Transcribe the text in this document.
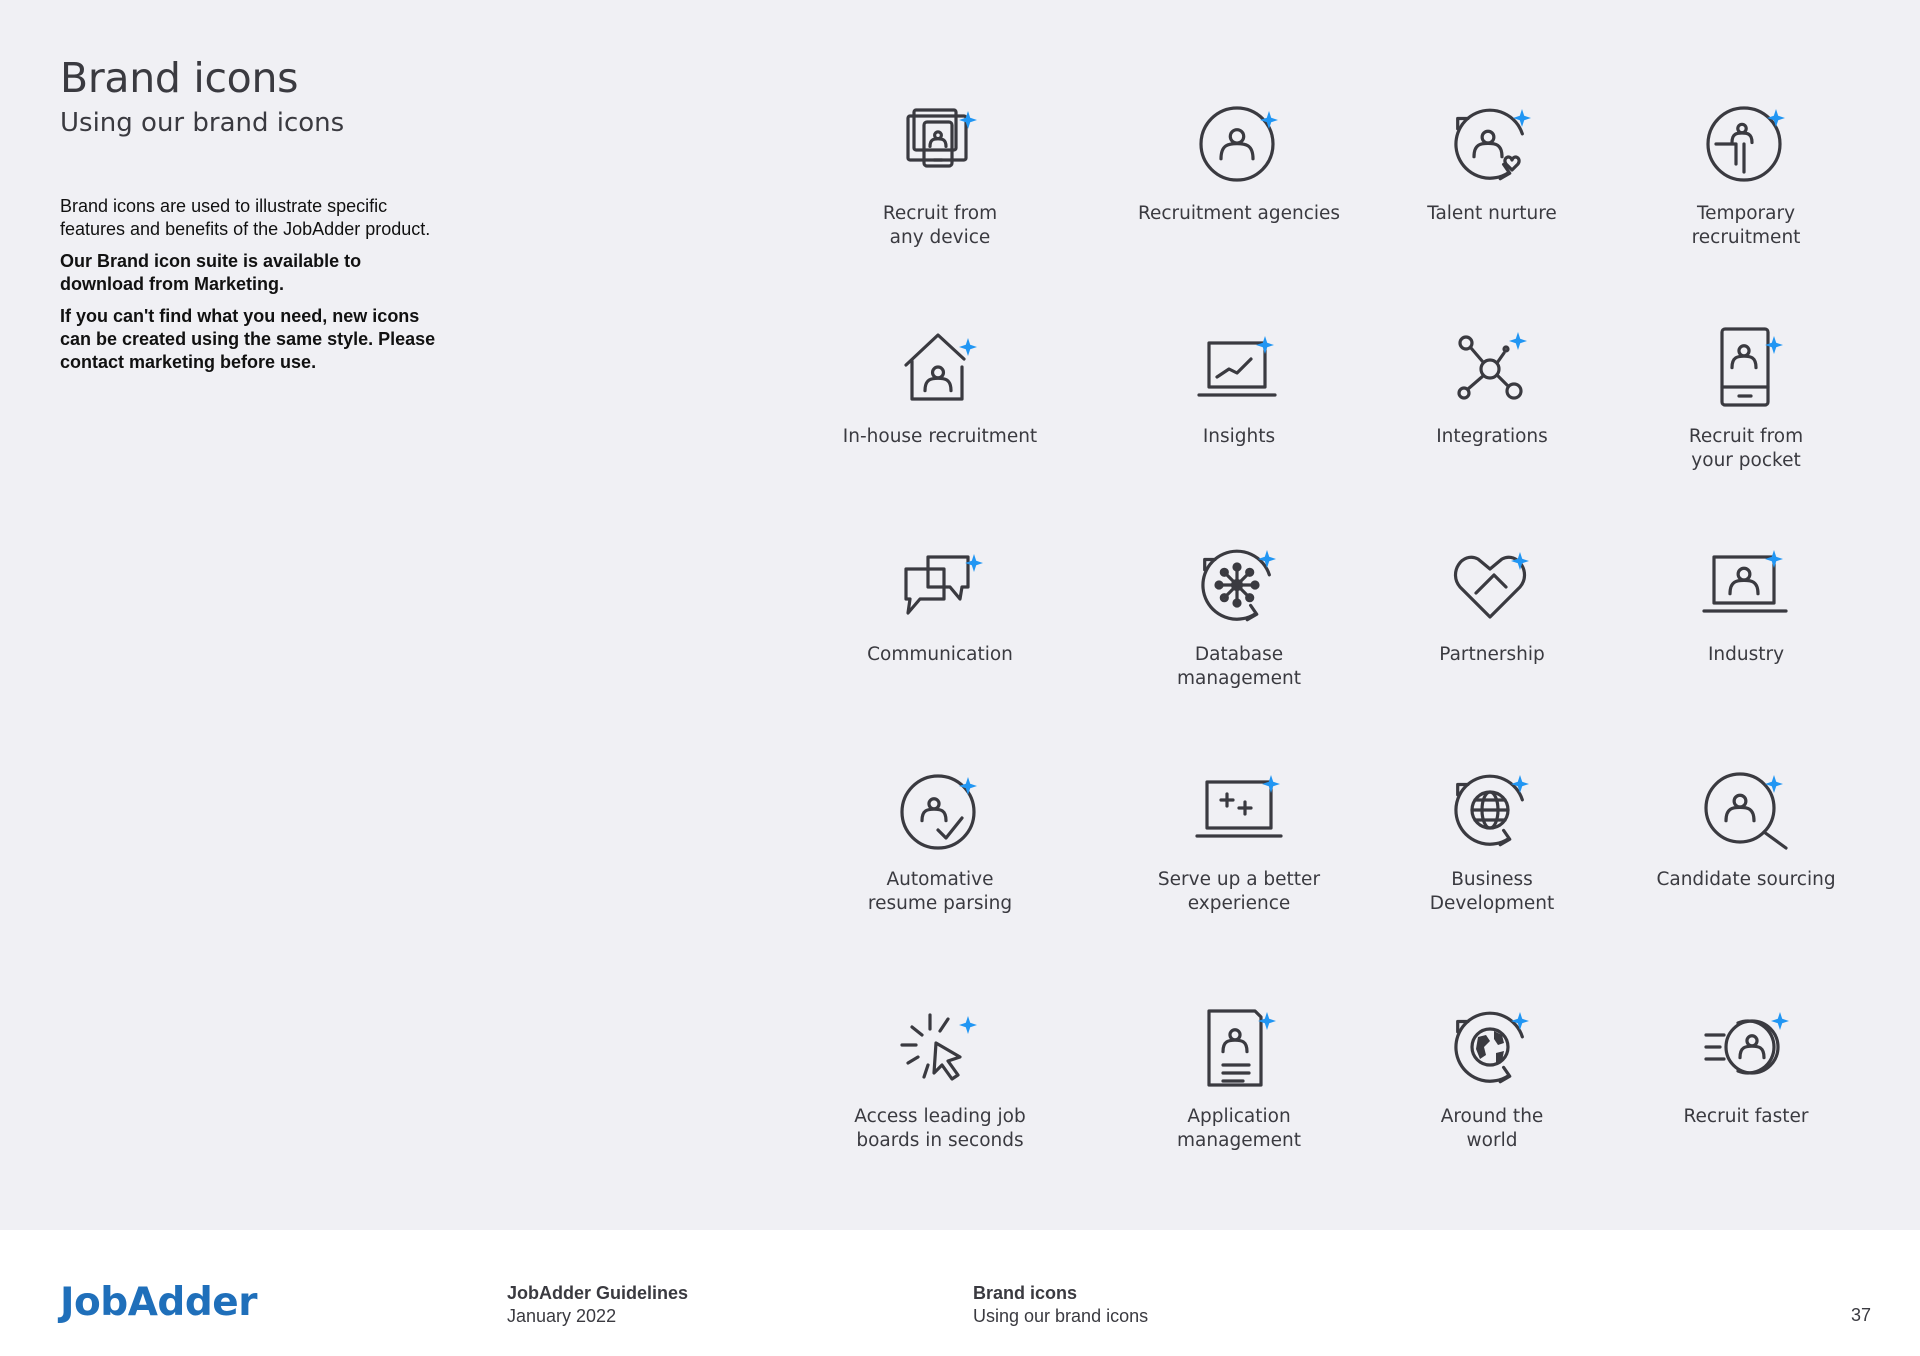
Brand icons
Using our brand icons

Brand icons are used to illustrate specific features and benefits of the JobAdder product.

Our Brand icon suite is available to download from Marketing.

If you can't find what you need, new icons can be created using the same style. Please contact marketing before use.

Recruit from
any device
Recruitment agencies	Talent nurture	Temporary
recruitment
In-house recruitment	Insights	Integrations	Recruit from
your pocket
Communication	Database
management
Partnership	Industry
Automative
resume parsing
Serve up a better
experience
Business
Development
Candidate sourcing
Access leading job
boards in seconds
Application
management
Around the
world
Recruit faster
JobAdder	JobAdder Guidelines
January 2022
Brand icons
Using our brand icons	37
